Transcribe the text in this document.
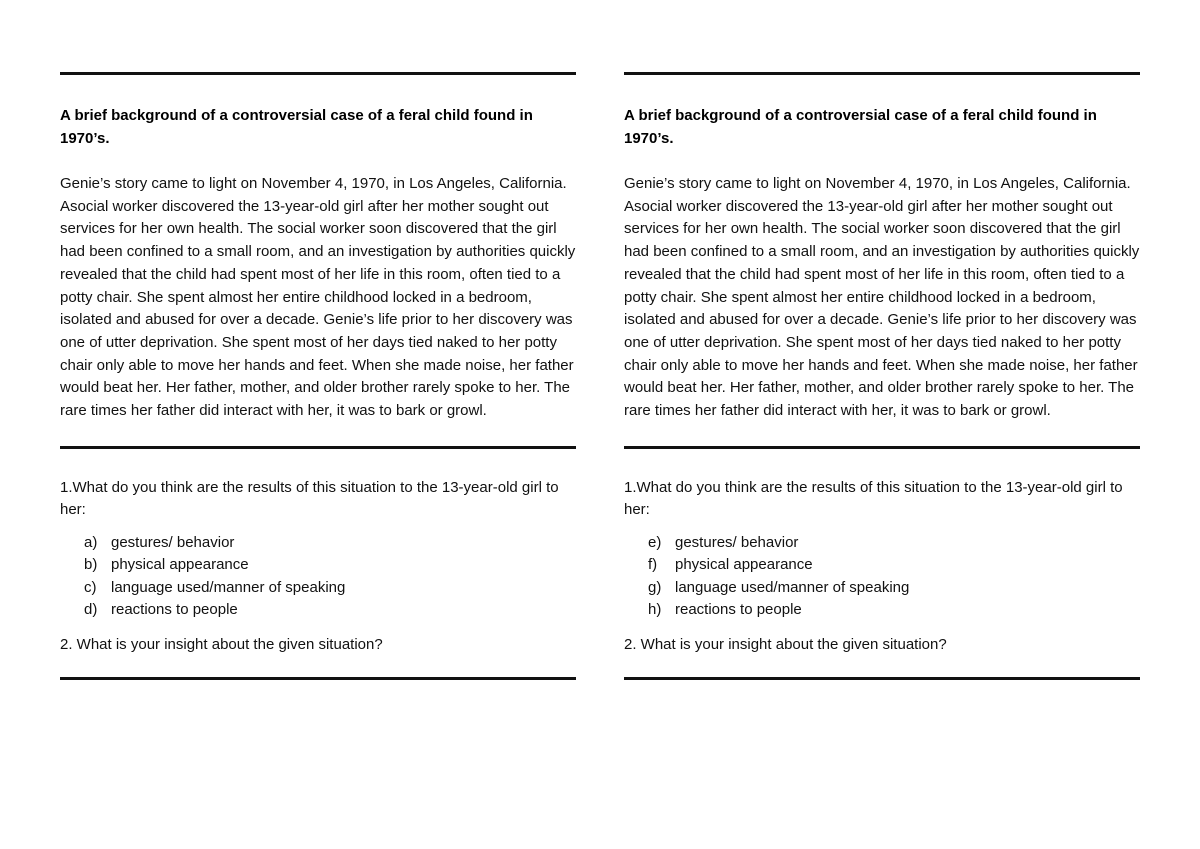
A brief background of a controversial case of a feral child found in 1970’s.
Genie’s story came to light on November 4, 1970, in Los Angeles, California. Asocial worker discovered the 13-year-old girl after her mother sought out services for her own health. The social worker soon discovered that the girl had been confined to a small room, and an investigation by authorities quickly revealed that the child had spent most of her life in this room, often tied to a potty chair. She spent almost her entire childhood locked in a bedroom, isolated and abused for over a decade. Genie’s life prior to her discovery was one of utter deprivation. She spent most of her days tied naked to her potty chair only able to move her hands and feet. When she made noise, her father would beat her. Her father, mother, and older brother rarely spoke to her. The rare times her father did interact with her, it was to bark or growl.
1.What do you think are the results of this situation to the 13-year-old girl to her:
a) gestures/ behavior
b) physical appearance
c) language used/manner of speaking
d) reactions to people
2. What is your insight about the given situation?
A brief background of a controversial case of a feral child found in 1970’s.
Genie’s story came to light on November 4, 1970, in Los Angeles, California. Asocial worker discovered the 13-year-old girl after her mother sought out services for her own health. The social worker soon discovered that the girl had been confined to a small room, and an investigation by authorities quickly revealed that the child had spent most of her life in this room, often tied to a potty chair. She spent almost her entire childhood locked in a bedroom, isolated and abused for over a decade. Genie’s life prior to her discovery was one of utter deprivation. She spent most of her days tied naked to her potty chair only able to move her hands and feet. When she made noise, her father would beat her. Her father, mother, and older brother rarely spoke to her. The rare times her father did interact with her, it was to bark or growl.
1.What do you think are the results of this situation to the 13-year-old girl to her:
e) gestures/ behavior
f) physical appearance
g) language used/manner of speaking
h) reactions to people
2. What is your insight about the given situation?
